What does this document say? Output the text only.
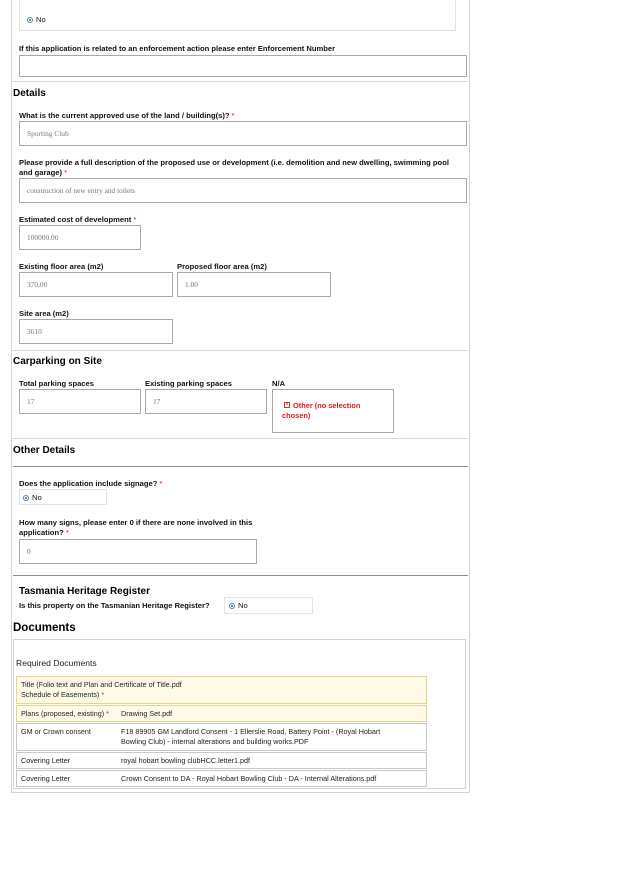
No
If this application is related to an enforcement action please enter Enforcement Number
Details
What is the current approved use of the land / building(s)? *
Sporting Club
Please provide a full description of the proposed use or development (i.e. demolition and new dwelling, swimming pool and garage) *
construction of new entry and toilets
Estimated cost of development *
100000.00
Existing floor area (m2)
370.00
Proposed floor area (m2)
1.00
Site area (m2)
3610
Carparking on Site
Total parking spaces
17
Existing parking spaces
17
N/A
× Other (no selection chosen)
Other Details
Does the application include signage? *
No
How many signs, please enter 0 if there are none involved in this application? *
0
Tasmania Heritage Register
Is this property on the Tasmanian Heritage Register?	No
Documents
Required Documents
Title (Folio text and Plan and Certificate of Title.pdf
Schedule of Easements) *
Plans (proposed, existing) * Drawing Set.pdf
GM or Crown consent	F18 89905 GM Landlord Consent - 1 Ellerslie Road, Battery Point - (Royal Hobart
Bowling Club) - internal alterations and building works.PDF
Covering Letter	royal hobart bowling clubHCC.letter1.pdf
Covering Letter	Crown Consent to DA - Royal Hobart Bowling Club - DA - Internal Alterations.pdf
